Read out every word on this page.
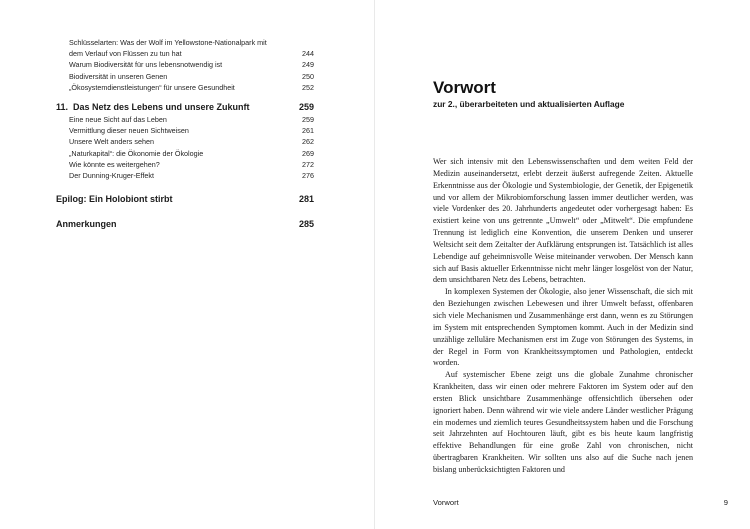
Schlüsselarten: Was der Wolf im Yellowstone-Nationalpark mit
dem Verlauf von Flüssen zu tun hat	244
Warum Biodiversität für uns lebensnotwendig ist	249
Biodiversität in unseren Genen	250
„Ökosystemdienstleistungen“ für unsere Gesundheit	252
11. Das Netz des Lebens und unsere Zukunft	259
Eine neue Sicht auf das Leben	259
Vermittlung dieser neuen Sichtweisen	261
Unsere Welt anders sehen	262
„Naturkapital“: die Ökonomie der Ökologie	269
Wie könnte es weitergehen?	272
Der Dunning-Kruger-Effekt	276
Epilog: Ein Holobiont stirbt	281
Anmerkungen	285
Vorwort
zur 2., überarbeiteten und aktualisierten Auflage

Wer sich intensiv mit den Lebenswissenschaften und dem weiten Feld der Medizin auseinandersetzt, erlebt derzeit äußerst aufregende Zeiten. Aktuelle Erkenntnisse aus der Ökologie und Systembiologie, der Genetik, der Epigenetik und vor allem der Mikrobiomforschung lassen immer deutlicher werden, was viele Vordenker des 20. Jahrhunderts angedeutet oder vorhergesagt haben: Es existiert keine von uns getrennte „Umwelt“ oder „Mitwelt“. Die empfundene Trennung ist lediglich eine Konvention, die unserem Denken und unserer Weltsicht seit dem Zeitalter der Aufklärung entsprungen ist. Tatsächlich ist alles Lebendige auf geheimnisvolle Weise miteinander verwoben. Der Mensch kann sich auf Basis aktueller Erkenntnisse nicht mehr länger losgelöst von der Natur, dem unsichtbaren Netz des Lebens, betrachten.

In komplexen Systemen der Ökologie, also jener Wissenschaft, die sich mit den Beziehungen zwischen Lebewesen und ihrer Umwelt befasst, offenbaren sich viele Mechanismen und Zusammenhänge erst dann, wenn es zu Störungen im System mit entsprechenden Symptomen kommt. Auch in der Medizin sind unzählige zelluläre Mechanismen erst im Zuge von Störungen des Systems, in der Regel in Form von Krankheitssymptomen und Pathologien, entdeckt worden.

Auf systemischer Ebene zeigt uns die globale Zunahme chronischer Krankheiten, dass wir einen oder mehrere Faktoren im System oder auf den ersten Blick unsichtbare Zusammenhänge offensichtlich übersehen oder ignoriert haben. Denn während wir wie viele andere Länder westlicher Prägung ein modernes und ziemlich teures Gesundheitssystem haben und die Forschung seit Jahrzehnten auf Hochtouren läuft, gibt es bis heute kaum langfristig effektive Behandlungen für eine große Zahl von chronischen, nicht übertragbaren Krankheiten. Wir sollten uns also auf die Suche nach jenen bislang unberücksichtigten Faktoren und

Vorwort	9
